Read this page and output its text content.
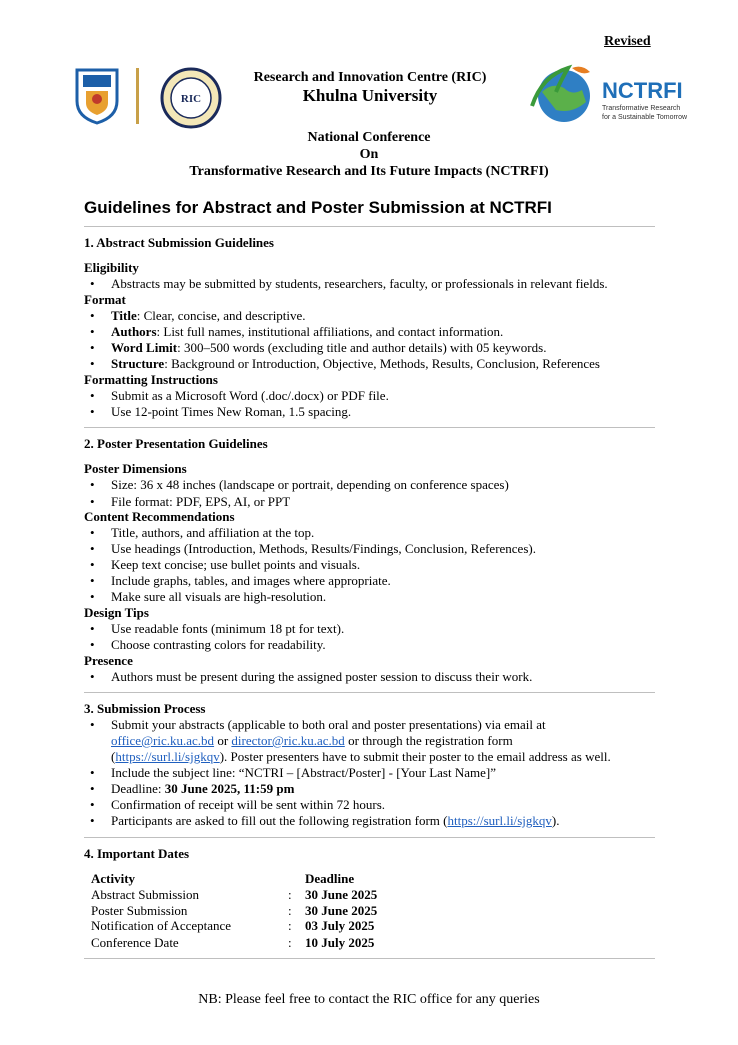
Revised
RIC
Research and Innovation Centre (RIC)
Khulna University	NCTRFI
Transformative Research
for a Sustainable Tomorrow
National Conference
On
Transformative Research and Its Future Impacts (NCTRFI)
Guidelines for Abstract and Poster Submission at NCTRFI
1. Abstract Submission Guidelines
Eligibility
• Abstracts may be submitted by students, researchers, faculty, or professionals in relevant fields.
Format
• Title: Clear, concise, and descriptive.
• Authors: List full names, institutional affiliations, and contact information.
• Word Limit: 300–500 words (excluding title and author details) with 05 keywords.
• Structure: Background or Introduction, Objective, Methods, Results, Conclusion, References
Formatting Instructions
• Submit as a Microsoft Word (.doc/.docx) or PDF file.
• Use 12-point Times New Roman, 1.5 spacing.
2. Poster Presentation Guidelines
Poster Dimensions
• Size: 36 x 48 inches (landscape or portrait, depending on conference spaces)
• File format: PDF, EPS, AI, or PPT
Content Recommendations
• Title, authors, and affiliation at the top.
• Use headings (Introduction, Methods, Results/Findings, Conclusion, References).
• Keep text concise; use bullet points and visuals.
• Include graphs, tables, and images where appropriate.
• Make sure all visuals are high-resolution.
Design Tips
• Use readable fonts (minimum 18 pt for text).
• Choose contrasting colors for readability.
Presence
• Authors must be present during the assigned poster session to discuss their work.
3. Submission Process
• Submit your abstracts (applicable to both oral and poster presentations) via email at
office@ric.ku.ac.bd or director@ric.ku.ac.bd or through the registration form
(https://surl.li/sjgkqv). Poster presenters have to submit their poster to the email address as well.
• Include the subject line: “NCTRI – [Abstract/Poster] - [Your Last Name]”
• Deadline: 30 June 2025, 11:59 pm
• Confirmation of receipt will be sent within 72 hours.
• Participants are asked to fill out the following registration form (https://surl.li/sjgkqv).
4. Important Dates
Activity	Deadline
Abstract Submission	: 30 June 2025
Poster Submission	: 30 June 2025
Notification of Acceptance	: 03 July 2025
Conference Date	: 10 July 2025
NB: Please feel free to contact the RIC office for any queries
